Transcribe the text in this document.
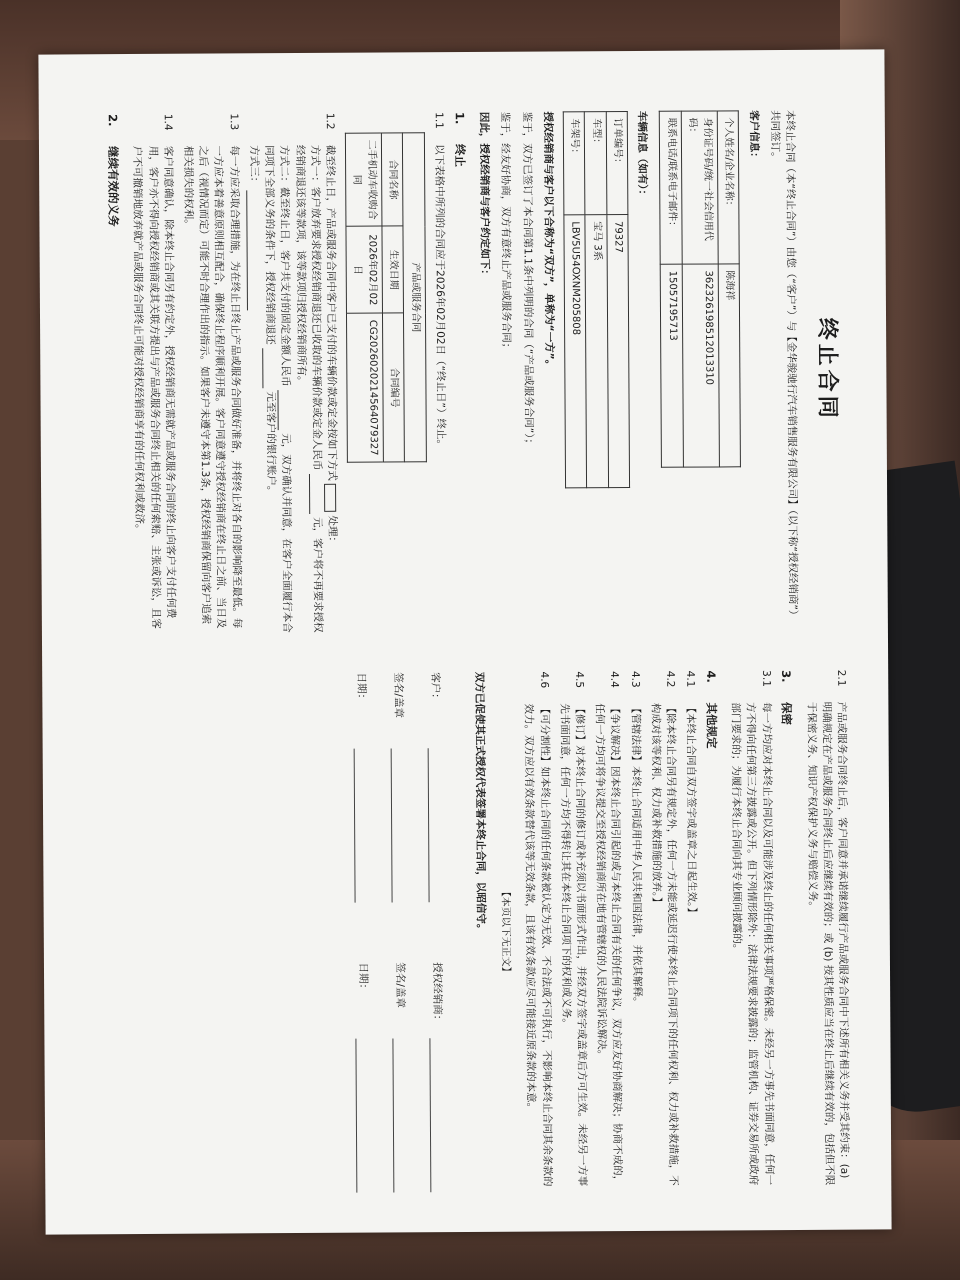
终止合同

本终止合同（本“终止合同”）由您（“客户”）与【金华骏驰行汽车销售服务有限公司】（以下称“授权经销商”）共同签订。

客户信息：

个人姓名/企业名称：	陈海祥
身份证号码/统一社会信用代码：	362326198512013310
联系电话/联系电子邮件：	15057195713

车辆信息（如有）：

订单编号：	79327
车型：	宝马 3系
车架号：	LBV5U54OXNM205808

授权经销商与客户以下合称为“双方”，单称为“一方”。

鉴于，双方已签订了本合同第1.1条中列明的合同（“产品或服务合同”）；

鉴于，经友好协商，双方有意终止产品或服务合同；

因此，授权经销商与客户约定如下：

1.
终止
1.1
以下表格中所列的合同应于2026年02月02日（“终止日”）终止。
产品或服务合同		
合同名称	生效日期	合同编号
二手机动车收购合同	2026年02月02日	CG2026020214564079327
1.2
截至终止日，产品或服务合同中客户已支付的车辆价款或定金按如下方式  处理：
方式一：客户放弃要求授权经销商退还已收取的车辆价款或定金人民币  元，客户将不再要求授权经销商退还该等款项，该等款项归授权经销商所有。
方式二：截至终止日，客户共支付的固定金额人民币  元，双方确认并同意，在客户全面履行本合同项下全部义务的条件下，授权经销商退还  元至客户的银行账户。
方式三：
1.3
每一方应采取合理措施，为在终止日终止产品或服务合同做好准备，并将终止对各自的影响降至最低。每一方应本着善意原则相互配合，确保终止程序顺利开展。客户同意遵守授权经销商在终止日之前、当日及之后（视情况而定）可能不时合理作出的指示。如果客户未遵守本第1.3条，授权经销商保留向客户追索相关损失的权利。
1.4
客户同意确认，除本终止合同另有约定外，授权经销商无需就产品或服务合同的终止向客户支付任何费用，客户亦不得向授权经销商或其关联方提出与产品或服务合同终止相关的任何索赔、主张或诉讼，且客户不可撤销地放弃就产品或服务合同终止可能对授权经销商享有的任何权利或救济。
2.
继续有效的义务
2.1
产品或服务合同终止后，客户同意并承诺继续履行产品或服务合同中下述所有相关义务并受其约束：(a) 明确规定在产品或服务合同终止后应继续有效的；或 (b) 按其性质应当在终止后继续有效的，包括但不限于保密义务、知识产权保护义务与赔偿义务。
3.
保密
3.1
每一方均应对本终止合同以及可能涉及终止的任何相关事项严格保密。未经另一方事先书面同意，任何一方不得向任何第三方披露或公开。但下列情形除外：法律法规要求披露的；监管机构、证券交易所或政府部门要求的；为履行本终止合同向其专业顾问披露的。
4.
其他规定
4.1
【本终止合同自双方签字或盖章之日起生效。】
4.2
【除本终止合同另有规定外，任何一方未能或延迟行使本终止合同项下的任何权利、权力或补救措施，不构成对该等权利、权力或补救措施的放弃。】
4.3
【管辖法律】本终止合同适用中华人民共和国法律，并依其解释。
4.4
【争议解决】因本终止合同引起的或与本终止合同有关的任何争议，双方应友好协商解决；协商不成的，任何一方均可将争议提交至授权经销商所在地有管辖权的人民法院诉讼解决。
4.5
【修订】对本终止合同的修订或补充须以书面形式作出，并经双方签字或盖章后方可生效。未经另一方事先书面同意，任何一方均不得转让其在本终止合同项下的权利或义务。
4.6
【可分割性】如本终止合同的任何条款被认定为无效、不合法或不可执行，不影响本终止合同其余条款的效力。双方应以有效条款替代该等无效条款，且该有效条款应尽可能接近原条款的本意。
【本页以下无正文】

双方已促使其正式授权代表签署本终止合同，以昭信守。

客户：
签名/盖章
日期：
授权经销商：
签名/盖章
日期：
